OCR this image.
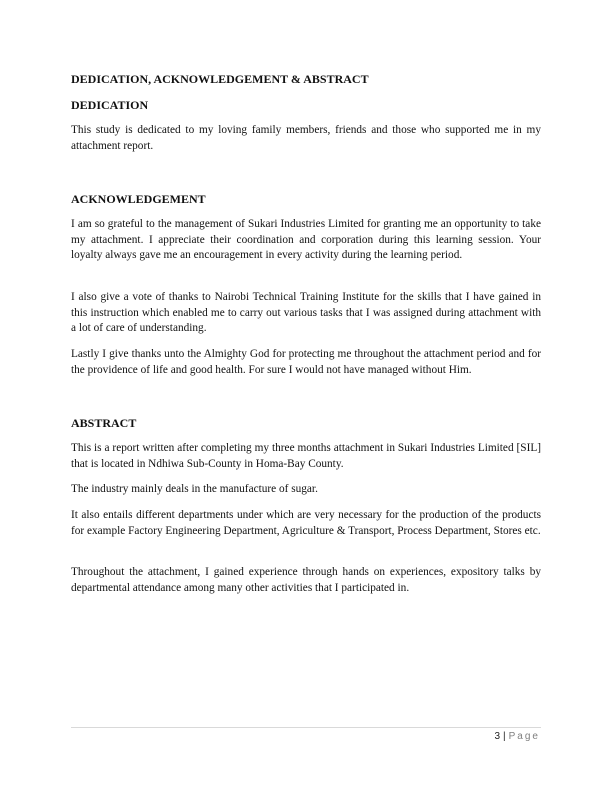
DEDICATION, ACKNOWLEDGEMENT & ABSTRACT
DEDICATION

This study is dedicated to my loving family members, friends and those who supported me in my attachment report.

ACKNOWLEDGEMENT

I am so grateful to the management of Sukari Industries Limited for granting me an opportunity to take my attachment. I appreciate their coordination and corporation during this learning session. Your loyalty always gave me an encouragement in every activity during the learning period.

I also give a vote of thanks to Nairobi Technical Training Institute for the skills that I have gained in this instruction which enabled me to carry out various tasks that I was assigned during attachment with a lot of care of understanding.

Lastly I give thanks unto the Almighty God for protecting me throughout the attachment period and for the providence of life and good health. For sure I would not have managed without Him.

ABSTRACT

This is a report written after completing my three months attachment in Sukari Industries Limited [SIL] that is located in Ndhiwa Sub-County in Homa-Bay County.

The industry mainly deals in the manufacture of sugar.

It also entails different departments under which are very necessary for the production of the products for example Factory Engineering Department, Agriculture & Transport, Process Department, Stores etc.

Throughout the attachment, I gained experience through hands on experiences, expository talks by departmental attendance among many other activities that I participated in.

3 | Page
